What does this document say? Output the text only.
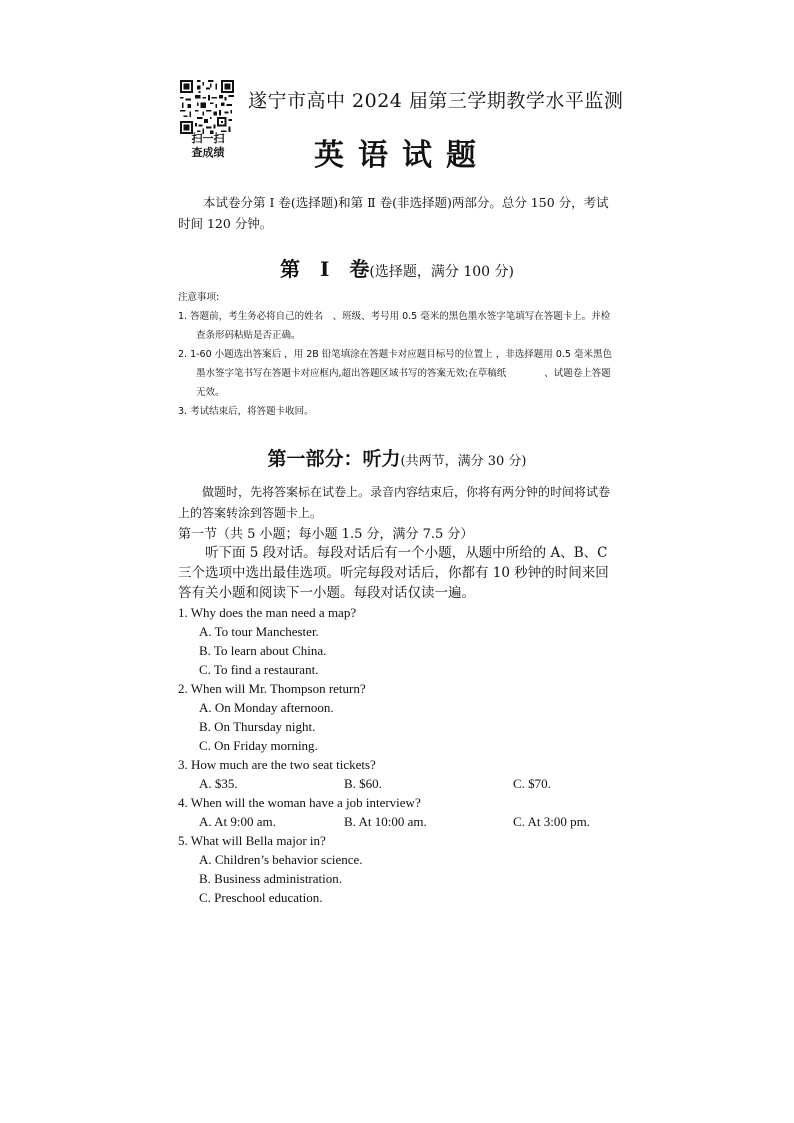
扫一扫
查成绩
遂宁市高中 2024 届第三学期教学水平监测
英语试题
本试卷分第 Ⅰ 卷(选择题)和第 Ⅱ 卷(非选择题)两部分。总分 150 分，考试时间 120 分钟。
第　Ⅰ　卷(选择题，满分 100 分)

注意事项:

1. 答题前，考生务必将自己的姓名　、班级、考号用 0.5 毫米的黑色墨水签字笔填写在答题卡上。并检查条形码粘贴是否正确。

2. 1-60 小题选出答案后 ，用 2B 铅笔填涂在答题卡对应题目标号的位置上 ，非选择题用 0.5 毫米黑色墨水签字笔书写在答题卡对应框内,超出答题区域书写的答案无效;在草稿纸　　　　、试题卷上答题无效。

3. 考试结束后，将答题卡收回。

第一部分：听力(共两节，满分 30 分)
做题时，先将答案标在试卷上。录音内容结束后，你将有两分钟的时间将试卷上的答案转涂到答题卡上。
第一节（共 5 小题；每小题 1.5 分，满分 7.5 分）
听下面 5 段对话。每段对话后有一个小题，从题中所给的 A、B、C 三个选项中选出最佳选项。听完每段对话后，你都有 10 秒钟的时间来回答有关小题和阅读下一小题。每段对话仅读一遍。

1. Why does the man need a map?

A. To tour Manchester.

B. To learn about China.

C. To find a restaurant.

2. When will Mr. Thompson return?

A. On Monday afternoon.

B. On Thursday night.

C. On Friday morning.

3. How much are the two seat tickets?

A. $35.	B. $60.	C. $70.

4. When will the woman have a job interview?

A. At 9:00 am.	B. At 10:00 am.	C. At 3:00 pm.

5. What will Bella major in?

A. Children’s behavior science.

B. Business administration.

C. Preschool education.
